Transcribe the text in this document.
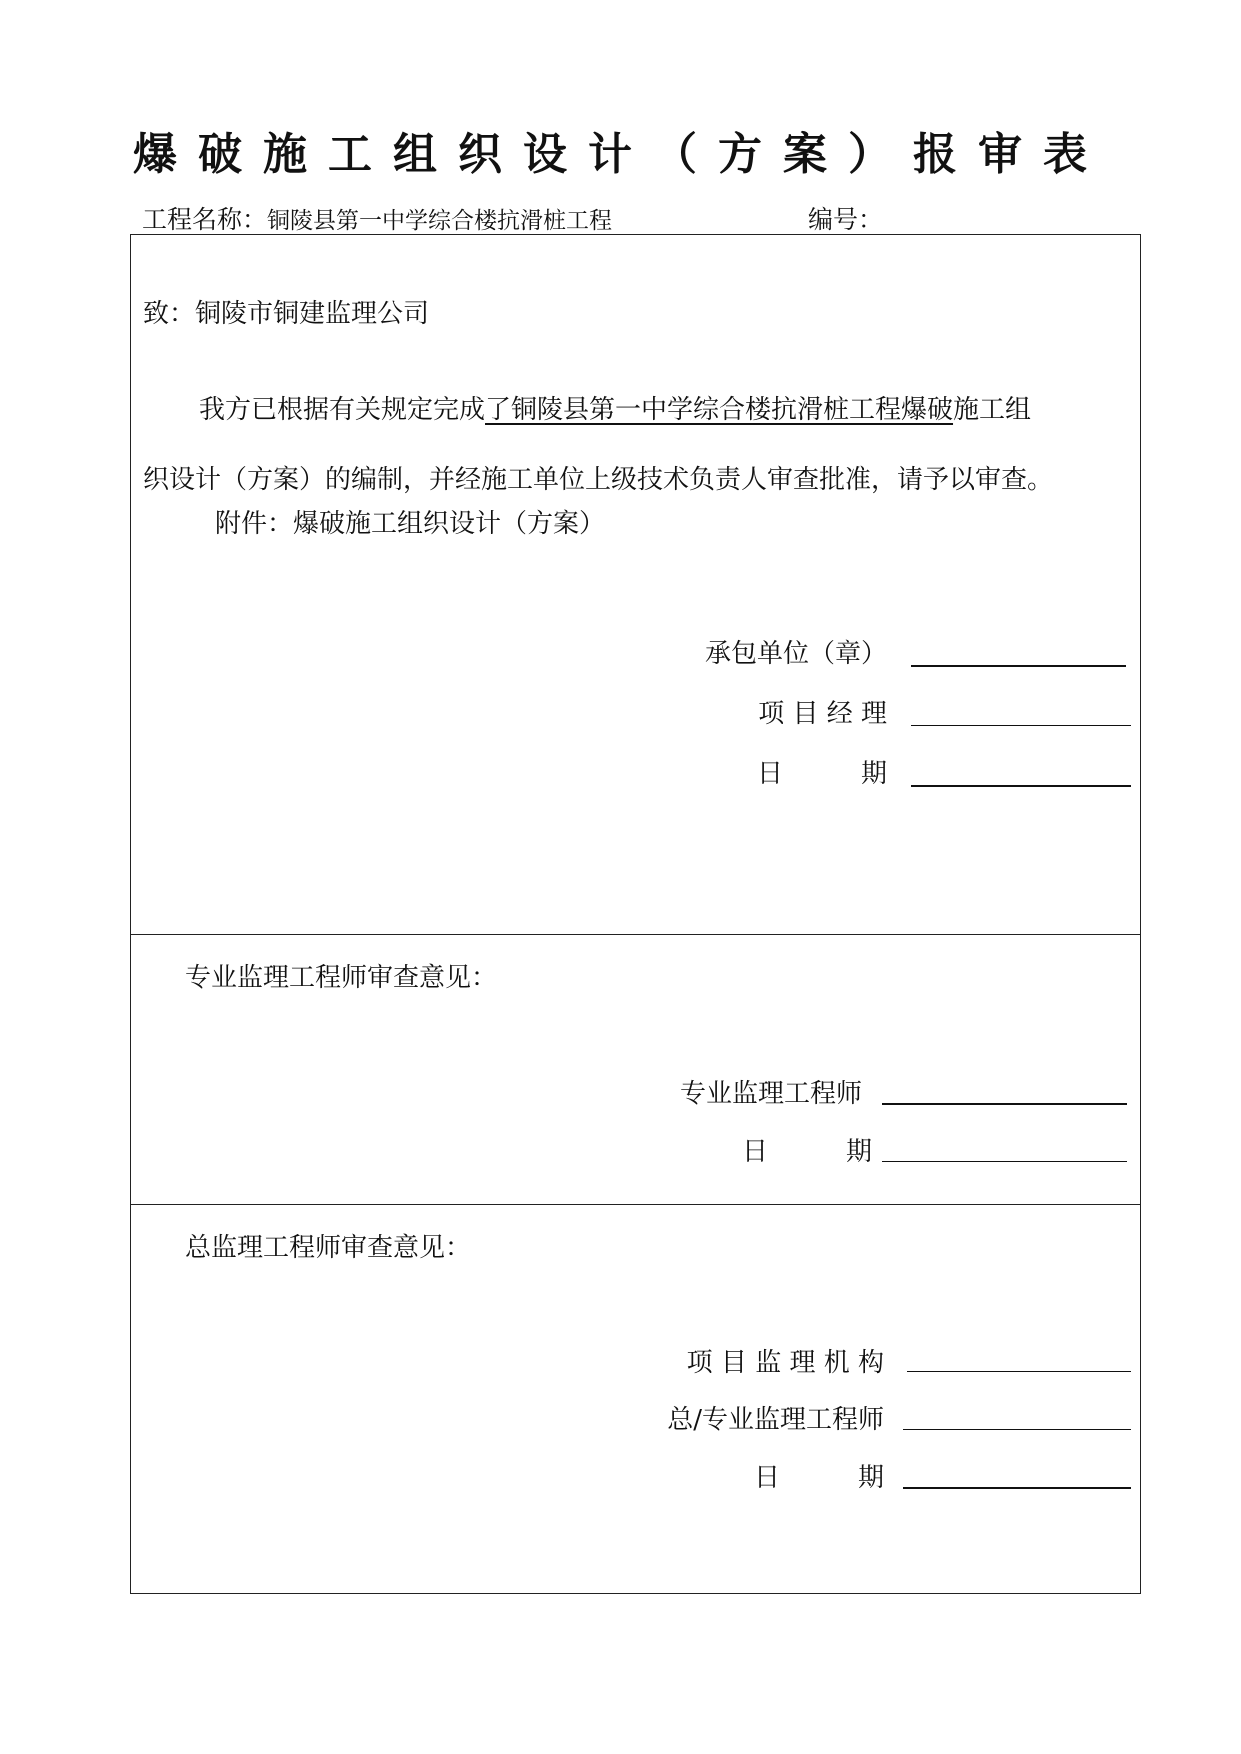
爆破施工组织设计（方案）报审表
工程名称：铜陵县第一中学综合楼抗滑桩工程	编号：
致：铜陵市铜建监理公司
我方已根据有关规定完成了铜陵县第一中学综合楼抗滑桩工程爆破施工组
织设计（方案）的编制，并经施工单位上级技术负责人审查批准，请予以审查。
附件：爆破施工组织设计（方案）
承包单位（章）
项 目 经 理
日　　　期
专业监理工程师审查意见：
专业监理工程师
日　　　期
总监理工程师审查意见：
项 目 监 理 机 构
总/专业监理工程师
日　　　期
